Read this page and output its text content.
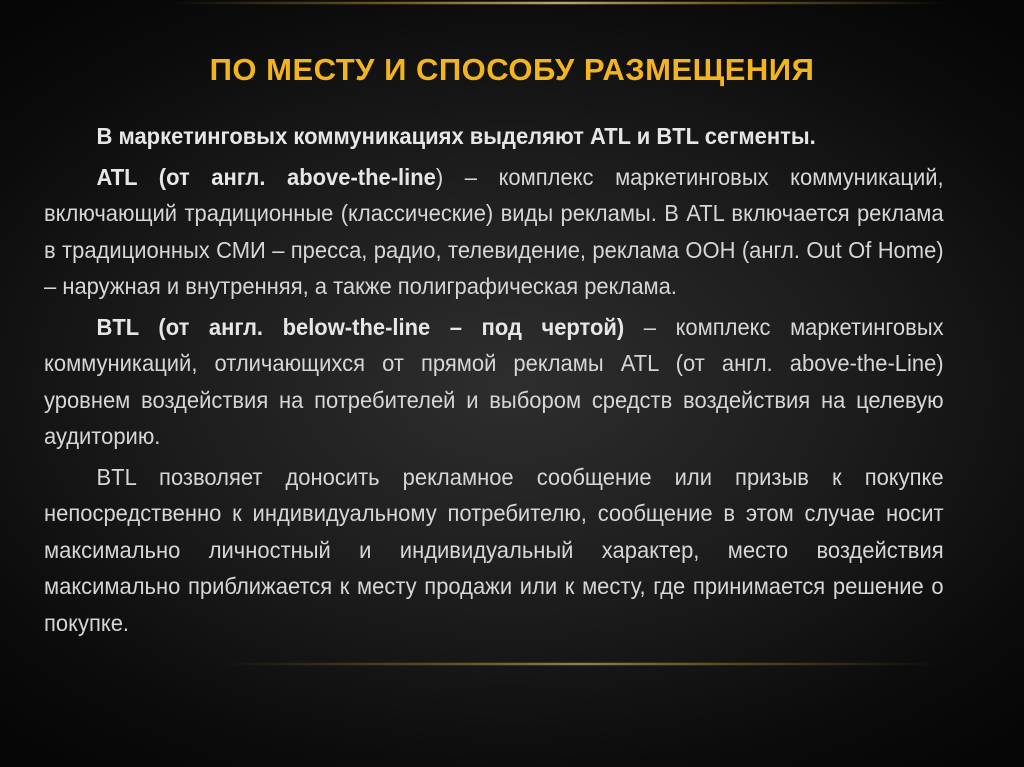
ПО МЕСТУ И СПОСОБУ РАЗМЕЩЕНИЯ

В маркетинговых коммуникациях выделяют ATL и BTL сегменты.

ATL (от англ. above-the-line) – комплекс маркетинговых коммуникаций, включающий традиционные (классические) виды рекламы. В ATL включается реклама в традиционных СМИ – пресса, радио, телевидение, реклама ООН (англ. Out Of Home) – наружная и внутренняя, а также полиграфическая реклама.

BTL (от англ. below-the-line – под чертой) – комплекс маркетинговых коммуникаций, отличающихся от прямой рекламы ATL (от англ. above-the-Line) уровнем воздействия на потребителей и выбором средств воздействия на целевую аудиторию.

BTL позволяет доносить рекламное сообщение или призыв к покупке непосредственно к индивидуальному потребителю, сообщение в этом случае носит максимально личностный и индивидуальный характер, место воздействия максимально приближается к месту продажи или к месту, где принимается решение о покупке.
